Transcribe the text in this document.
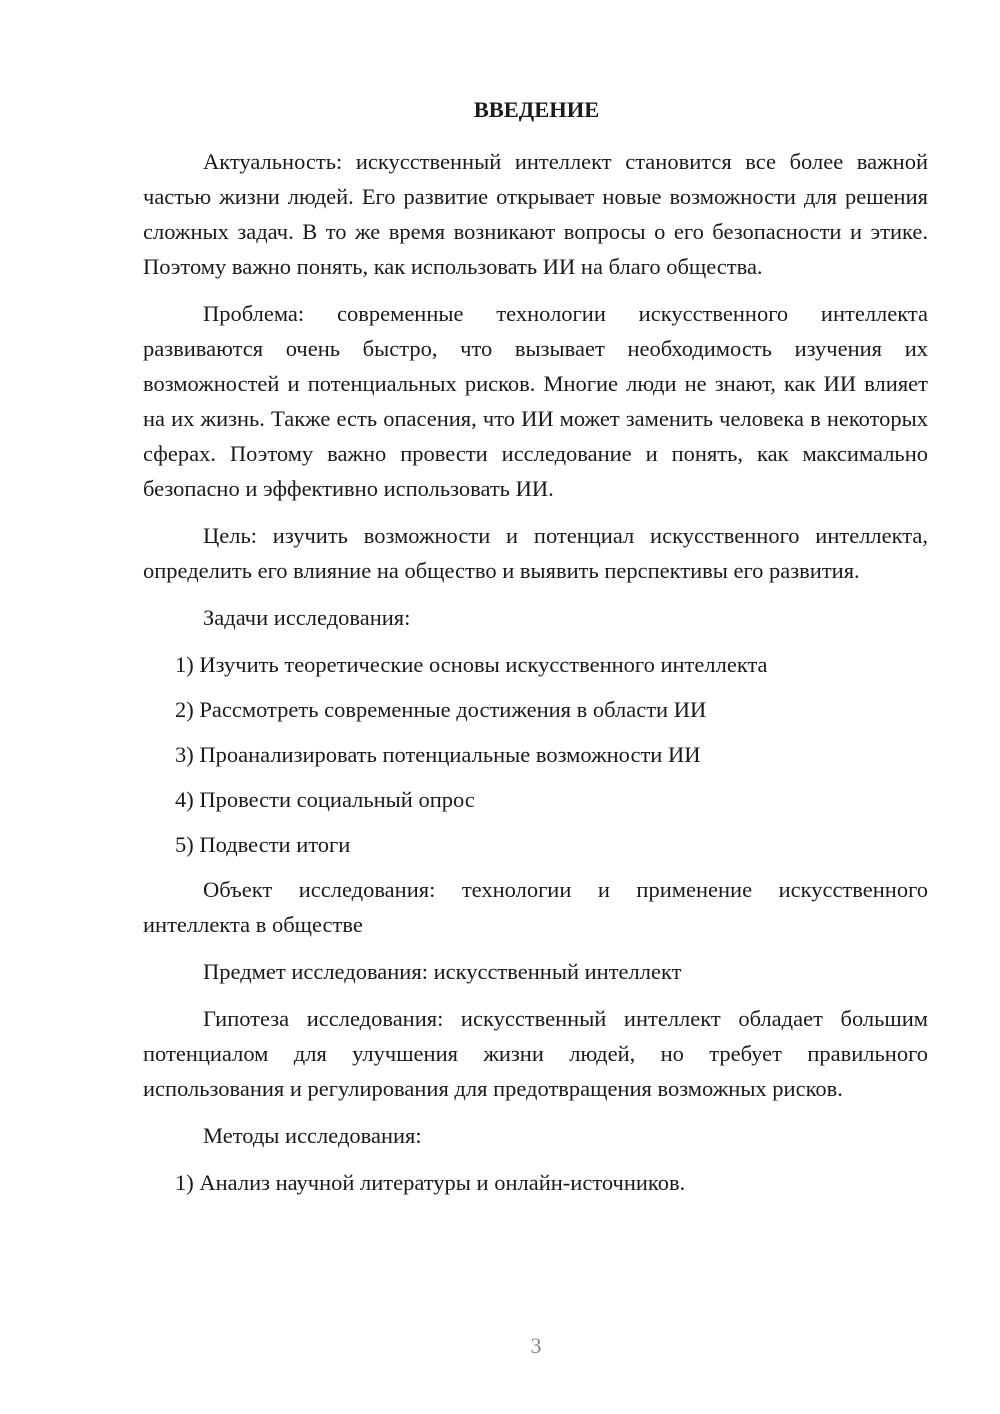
ВВЕДЕНИЕ

Актуальность: искусственный интеллект становится все более важной частью жизни людей. Его развитие открывает новые возможности для решения сложных задач. В то же время возникают вопросы о его безопасности и этике. Поэтому важно понять, как использовать ИИ на благо общества.

Проблема: современные технологии искусственного интеллекта развиваются очень быстро, что вызывает необходимость изучения их возможностей и потенциальных рисков. Многие люди не знают, как ИИ влияет на их жизнь. Также есть опасения, что ИИ может заменить человека в некоторых сферах. Поэтому важно провести исследование и понять, как максимально безопасно и эффективно использовать ИИ.

Цель: изучить возможности и потенциал искусственного интеллекта, определить его влияние на общество и выявить перспективы его развития.

Задачи исследования:

1) Изучить теоретические основы искусственного интеллекта

2) Рассмотреть современные достижения в области ИИ

3) Проанализировать потенциальные возможности ИИ

4) Провести социальный опрос

5) Подвести итоги

Объект исследования: технологии и применение искусственного интеллекта в обществе

Предмет исследования: искусственный интеллект

Гипотеза исследования: искусственный интеллект обладает большим потенциалом для улучшения жизни людей, но требует правильного использования и регулирования для предотвращения возможных рисков.

Методы исследования:

1) Анализ научной литературы и онлайн-источников.

3
